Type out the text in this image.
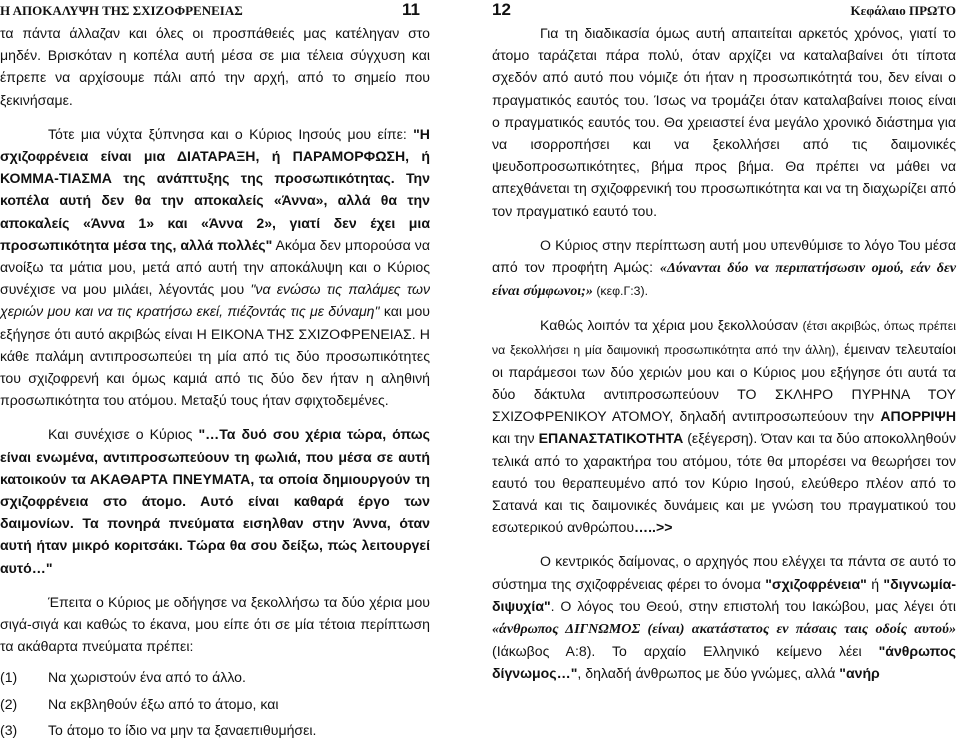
Η ΑΠΟΚΑΛΥΨΗ ΤΗΣ ΣΧΙΖΟΦΡΕΝΕΙΑΣ	11

τα πάντα άλλαζαν και όλες οι προσπάθειές μας κατέληγαν στο μηδέν. Βρισκόταν η κοπέλα αυτή μέσα σε μια τέλεια σύγχυση και έπρεπε να αρχίσουμε πάλι από την αρχή, από το σημείο που ξεκινήσαμε.

Τότε μια νύχτα ξύπνησα και ο Κύριος Ιησούς μου είπε: "Η σχιζοφρένεια είναι μια ΔΙΑΤΑΡΑΞΗ, ή ΠΑΡΑΜΟΡΦΩΣΗ, ή ΚΟΜΜΑ-ΤΙΑΣΜΑ της ανάπτυξης της προσωπικότητας. Την κοπέλα αυτή δεν θα την αποκαλείς «Άννα», αλλά θα την αποκαλείς «Άννα 1» και «Άννα 2», γιατί δεν έχει μια προσωπικότητα μέσα της, αλλά πολλές" Ακόμα δεν μπορούσα να ανοίξω τα μάτια μου, μετά από αυτή την αποκάλυψη και ο Κύριος συνέχισε να μου μιλάει, λέγοντάς μου "να ενώσω τις παλάμες των χεριών μου και να τις κρατήσω εκεί, πιέζοντάς τις με δύναμη" και μου εξήγησε ότι αυτό ακριβώς είναι Η ΕΙΚΟΝΑ ΤΗΣ ΣΧΙΖΟΦΡΕΝΕΙΑΣ. Η κάθε παλάμη αντιπροσωπεύει τη μία από τις δύο προσωπικότητες του σχιζοφρενή και όμως καμιά από τις δύο δεν ήταν η αληθινή προσωπικότητα του ατόμου. Μεταξύ τους ήταν σφιχτοδεμένες.

Και συνέχισε ο Κύριος "…Τα δυό σου χέρια τώρα, όπως είναι ενωμένα, αντιπροσωπεύουν τη φωλιά, που μέσα σε αυτή κατοικούν τα ΑΚΑΘΑΡΤΑ ΠΝΕΥΜΑΤΑ, τα οποία δημιουργούν τη σχιζοφρένεια στο άτομο. Αυτό είναι καθαρά έργο των δαιμονίων. Τα πονηρά πνεύματα εισηλθαν στην Άννα, όταν αυτή ήταν μικρό κοριτσάκι. Τώρα θα σου δείξω, πώς λειτουργεί αυτό…"

Έπειτα ο Κύριος με οδήγησε να ξεκολλήσω τα δύο χέρια μου σιγά-σιγά και καθώς το έκανα, μου είπε ότι σε μία τέτοια περίπτωση τα ακάθαρτα πνεύματα πρέπει:

(1)	Να χωριστούν ένα από το άλλο.
(2)	Να εκβληθούν έξω από το άτομο, και
(3)	Το άτομο το ίδιο να μην τα ξαναεπιθυμήσει.
12	Κεφάλαιο ΠΡΩΤΟ

Για τη διαδικασία όμως αυτή απαιτείται αρκετός χρόνος, γιατί το άτομο ταράζεται πάρα πολύ, όταν αρχίζει να καταλαβαίνει ότι τίποτα σχεδόν από αυτό που νόμιζε ότι ήταν η προσωπικότητά του, δεν είναι ο πραγματικός εαυτός του. Ίσως να τρομάζει όταν καταλαβαίνει ποιος είναι ο πραγματικός εαυτός του. Θα χρειαστεί ένα μεγάλο χρονικό διάστημα για να ισορροπήσει και να ξεκολλήσει από τις δαιμονικές ψευδοπροσωπικότητες, βήμα προς βήμα. Θα πρέπει να μάθει να απεχθάνεται τη σχιζοφρενική του προσωπικότητα και να τη διαχωρίζει από τον πραγματικό εαυτό του.

Ο Κύριος στην περίπτωση αυτή μου υπενθύμισε το λόγο Του μέσα από τον προφήτη Αμώς: «Δύνανται δύο να περιπατήσωσιν ομού, εάν δεν είναι σύμφωνοι;» (κεφ.Γ:3).

Καθώς λοιπόν τα χέρια μου ξεκολλούσαν (έτσι ακριβώς, όπως πρέπει να ξεκολλήσει η μία δαιμονική προσωπικότητα από την άλλη), έμειναν τελευταίοι οι παράμεσοι των δύο χεριών μου και ο Κύριος μου εξήγησε ότι αυτά τα δύο δάκτυλα αντιπροσωπεύουν ΤΟ ΣΚΛΗΡΟ ΠΥΡΗΝΑ ΤΟΥ ΣΧΙΖΟΦΡΕΝΙΚΟΥ ΑΤΟΜΟΥ, δηλαδή αντιπροσωπεύουν την ΑΠΟΡΡΙΨΗ και την ΕΠΑΝΑΣΤΑΤΙΚΟΤΗΤΑ (εξέγερση). Όταν και τα δύο αποκολληθούν τελικά από το χαρακτήρα του ατόμου, τότε θα μπορέσει να θεωρήσει τον εαυτό του θεραπευμένο από τον Κύριο Ιησού, ελεύθερο πλέον από το Σατανά και τις δαιμονικές δυνάμεις και με γνώση του πραγματικού του εσωτερικού ανθρώπου…..>>

Ο κεντρικός δαίμονας, ο αρχηγός που ελέγχει τα πάντα σε αυτό το σύστημα της σχιζοφρένειας φέρει το όνομα "σχιζοφρένεια" ή "διγνωμία-διψυχία". Ο λόγος του Θεού, στην επιστολή του Ιακώβου, μας λέγει ότι «άνθρωπος ΔΙΓΝΩΜΟΣ (είναι) ακατάστατος εν πάσαις ταις οδοίς αυτού» (Ιάκωβος Α:8). Το αρχαίο Ελληνικό κείμενο λέει "άνθρωπος δίγνωμος…", δηλαδή άνθρωπος με δύο γνώμες, αλλά "ανήρ
